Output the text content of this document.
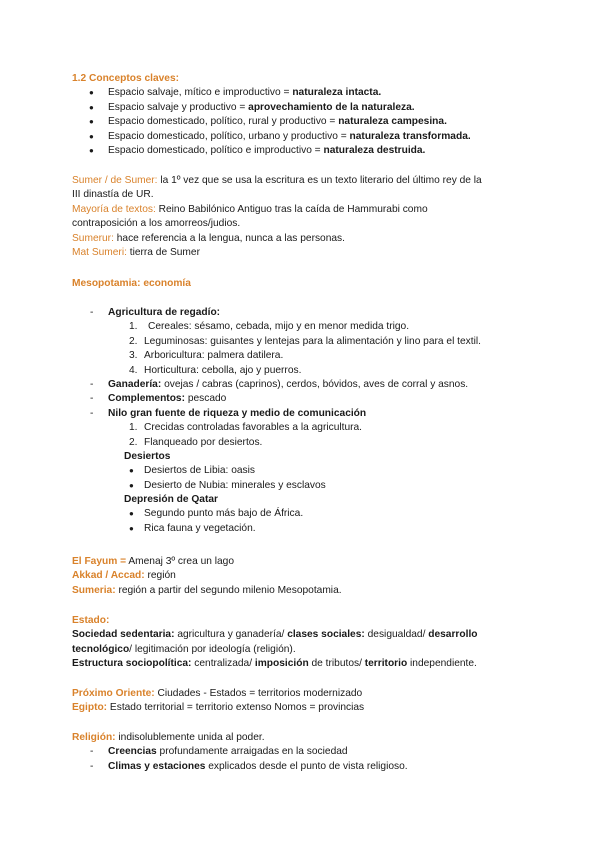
1.2 Conceptos claves:
● Espacio salvaje, mítico e improductivo = naturaleza intacta.
● Espacio salvaje y productivo = aprovechamiento de la naturaleza.
● Espacio domesticado, político, rural y productivo = naturaleza campesina.
● Espacio domesticado, político, urbano y productivo = naturaleza transformada.
● Espacio domesticado, político e improductivo = naturaleza destruida.
Sumer / de Sumer: la 1º vez que se usa la escritura es un texto literario del último rey de la
III dinastía de UR.
Mayoría de textos: Reino Babilónico Antiguo tras la caída de Hammurabi como
contraposición a los amorreos/judios.
Sumerur: hace referencia a la lengua, nunca a las personas.
Mat Sumeri: tierra de Sumer
Mesopotamia: economía
- Agricultura de regadío:
1. Cereales: sésamo, cebada, mijo y en menor medida trigo.
2. Leguminosas: guisantes y lentejas para la alimentación y lino para el textil.
3. Arboricultura: palmera datilera.
4. Horticultura: cebolla, ajo y puerros.
- Ganadería: ovejas / cabras (caprinos), cerdos, bóvidos, aves de corral y asnos.
- Complementos: pescado
- Nilo gran fuente de riqueza y medio de comunicación
1. Crecidas controladas favorables a la agricultura.
2. Flanqueado por desiertos.
Desiertos
● Desiertos de Libia: oasis
● Desierto de Nubia: minerales y esclavos
Depresión de Qatar
● Segundo punto más bajo de África.
● Rica fauna y vegetación.
El Fayum = Amenaj 3º crea un lago
Akkad / Accad: región
Sumeria: región a partir del segundo milenio Mesopotamia.
Estado:
Sociedad sedentaria: agricultura y ganadería/ clases sociales: desigualdad/ desarrollo
tecnológico/ legitimación por ideología (religión).
Estructura sociopolítica: centralizada/ imposición de tributos/ territorio independiente.
Próximo Oriente: Ciudades - Estados = territorios modernizado
Egipto: Estado territorial = territorio extenso Nomos = provincias
Religión: indisolublemente unida al poder.
- Creencias profundamente arraigadas en la sociedad
- Climas y estaciones explicados desde el punto de vista religioso.
